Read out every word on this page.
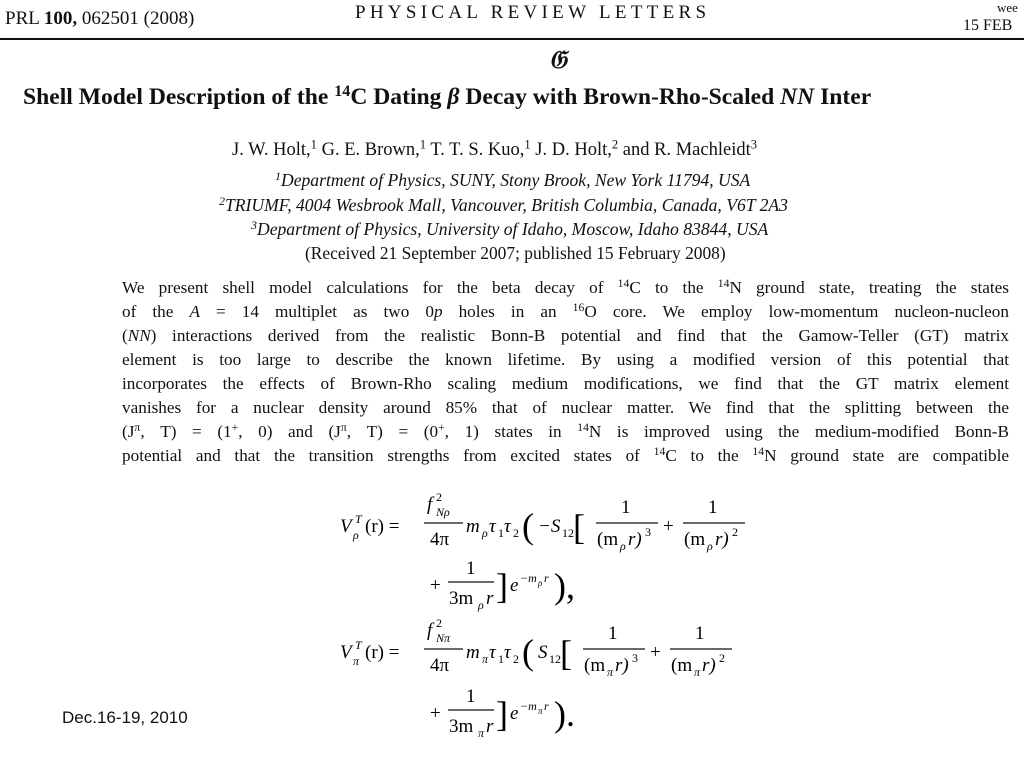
PRL 100, 062501 (2008)	PHYSICAL REVIEW LETTERS	wee
15 FEB
𝔊
Shell Model Description of the $^{14}$C Dating β Decay with Brown-Rho-Scaled NN Inter
J. W. Holt,$^1$ G. E. Brown,$^1$ T. T. S. Kuo,$^1$ J. D. Holt,$^2$ and R. Machleidt$^3$
$^1$Department of Physics, SUNY, Stony Brook, New York 11794, USA
$^2$TRIUMF, 4004 Wesbrook Mall, Vancouver, British Columbia, Canada, V6T 2A3
$^3$Department of Physics, University of Idaho, Moscow, Idaho 83844, USA
(Received 21 September 2007; published 15 February 2008)
We present shell model calculations for the beta decay of $^{14}$C to the $^{14}$N ground state, treating the states
of the A = 14 multiplet as two 0p holes in an $^{16}$O core. We employ low-momentum nucleon-nucleon
(NN) interactions derived from the realistic Bonn-B potential and find that the Gamow-Teller (GT) matrix
element is too large to describe the known lifetime. By using a modified version of this potential that
incorporates the effects of Brown-Rho scaling medium modifications, we find that the GT matrix element
vanishes for a nuclear density around 85% that of nuclear matter. We find that the splitting between the
($J^\pi$, T) = (1+, 0) and ($J^\pi$, T) = (0+, 1) states in $^{14}$N is improved using the medium-modified Bonn-B
potential and that the transition strengths from excited states of $^{14}$C to the $^{14}$N ground state are compatible
V T
ρ (r) =
f 2
Nρ
4π
m ρ τ 1 τ 2 ( −S 12 [ 1
(m ρ r) 3 +
1
(m ρ r) 2
+
1
3m ρ r ] e −m ρ r ),
V T
π (r) =
f 2
Nπ
4π
m π τ 1 τ 2 ( S 12 [ 1
(m π r) 3 +
1
(m π r) 2
+
1
3m π r ] e −m π r ).
Dec.16-19, 2010
